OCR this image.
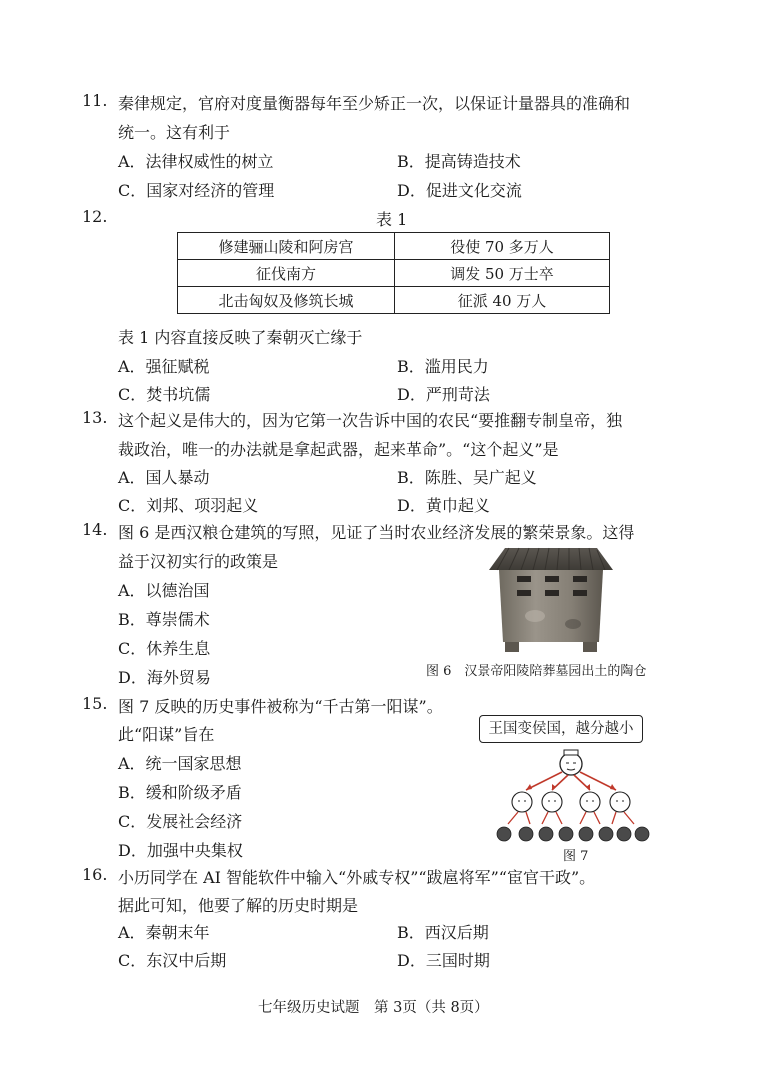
11. 秦律规定，官府对度量衡器每年至少矫正一次，以保证计量器具的准确和
统一。这有利于
A．法律权威性的树立	B．提高铸造技术
C．国家对经济的管理	D．促进文化交流
12.	表 1
修建骊山陵和阿房宫	役使 70 多万人
征伐南方	调发 50 万士卒
北击匈奴及修筑长城	征派 40 万人
表 1 内容直接反映了秦朝灭亡缘于
A．强征赋税	B．滥用民力
C．焚书坑儒	D．严刑苛法
13. 这个起义是伟大的，因为它第一次告诉中国的农民“要推翻专制皇帝，独
裁政治，唯一的办法就是拿起武器，起来革命”。“这个起义”是
A．国人暴动	B．陈胜、吴广起义
C．刘邦、项羽起义	D．黄巾起义
14. 图 6 是西汉粮仓建筑的写照，见证了当时农业经济发展的繁荣景象。这得
益于汉初实行的政策是
A．以德治国
B．尊崇儒术
C．休养生息
D．海外贸易	图 6　汉景帝阳陵陪葬墓园出土的陶仓
15. 图 7 反映的历史事件被称为“千古第一阳谋”。
此“阳谋”旨在
A．统一国家思想
B．缓和阶级矛盾
C．发展社会经济
D．加强中央集权
王国变侯国，越分越小
图 7
16. 小历同学在 AI 智能软件中输入“外戚专权”“跋扈将军”“宦官干政”。
据此可知，他要了解的历史时期是
A．秦朝末年	B．西汉后期
C．东汉中后期	D．三国时期
七年级历史试题　第 3页（共 8页）
